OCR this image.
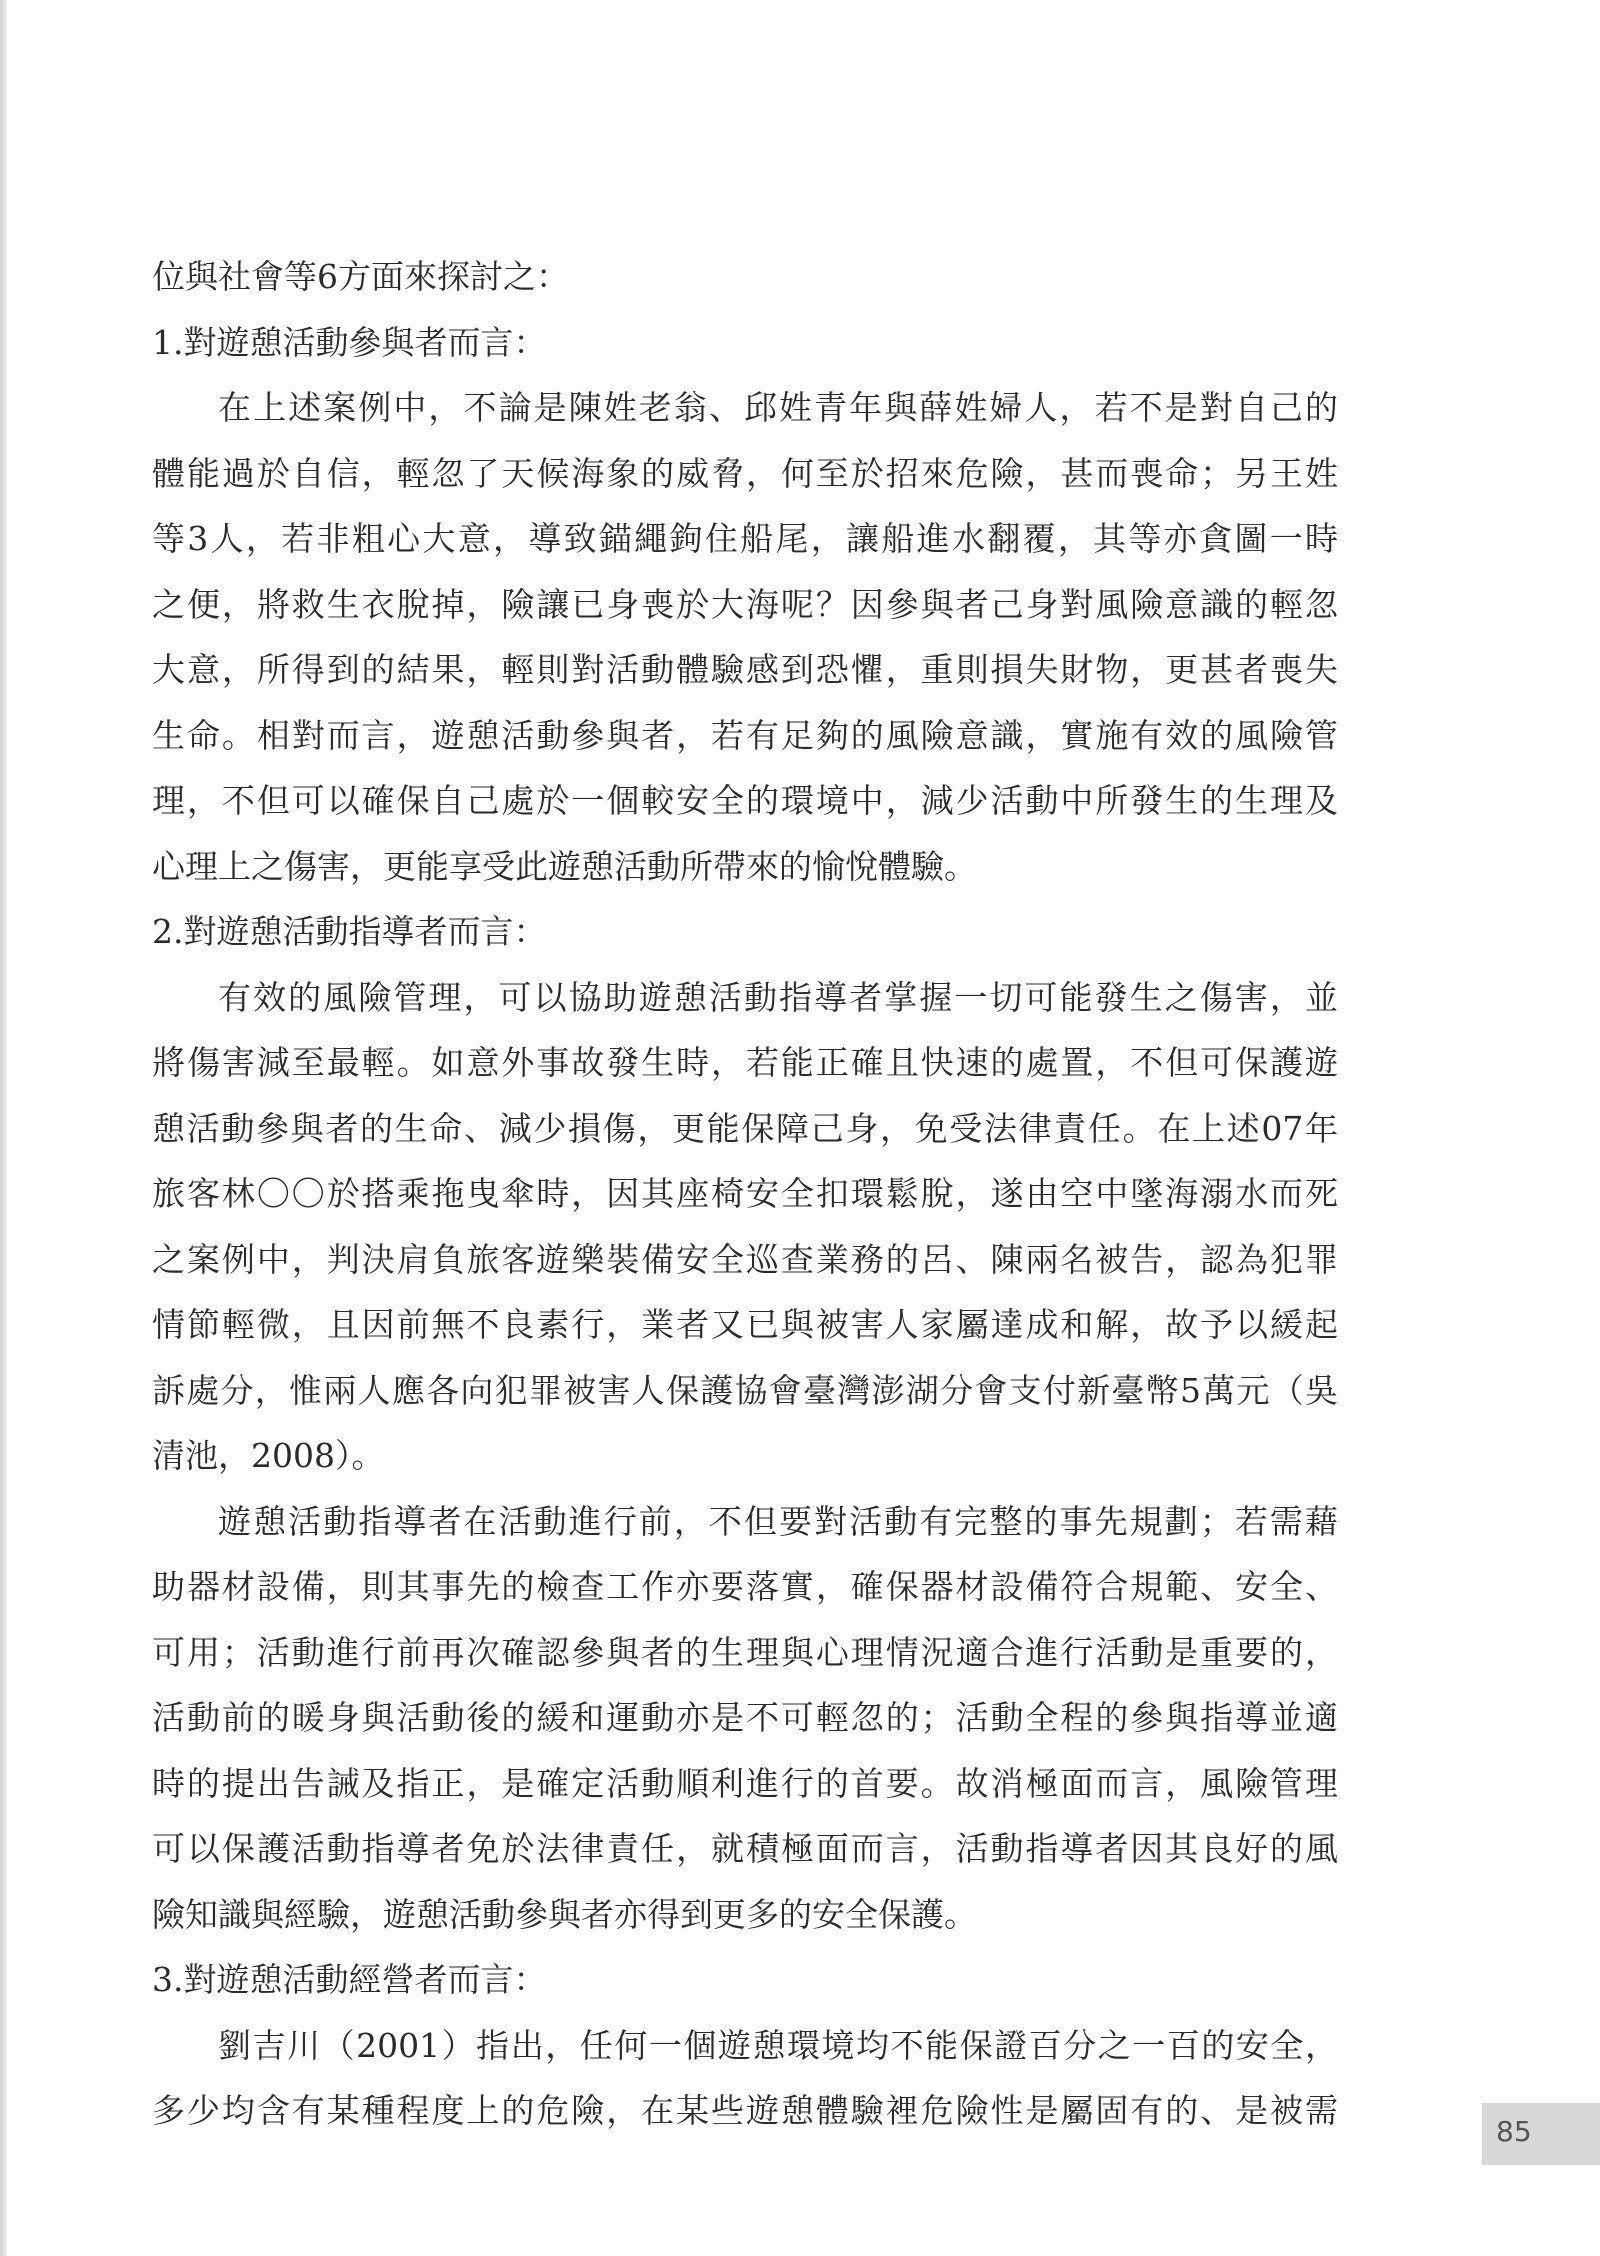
位與社會等6方面來探討之：
1.對遊憩活動參與者而言：
在上述案例中，不論是陳姓老翁、邱姓青年與薛姓婦人，若不是對自己的
體能過於自信，輕忽了天候海象的威脅，何至於招來危險，甚而喪命；另王姓
等3人，若非粗心大意，導致錨繩鉤住船尾，讓船進水翻覆，其等亦貪圖一時
之便，將救生衣脫掉，險讓已身喪於大海呢？因參與者己身對風險意識的輕忽
大意，所得到的結果，輕則對活動體驗感到恐懼，重則損失財物，更甚者喪失
生命。相對而言，遊憩活動參與者，若有足夠的風險意識，實施有效的風險管
理，不但可以確保自己處於一個較安全的環境中，減少活動中所發生的生理及
心理上之傷害，更能享受此遊憩活動所帶來的愉悅體驗。
2.對遊憩活動指導者而言：
有效的風險管理，可以協助遊憩活動指導者掌握一切可能發生之傷害，並
將傷害減至最輕。如意外事故發生時，若能正確且快速的處置，不但可保護遊
憩活動參與者的生命、減少損傷，更能保障己身，免受法律責任。在上述07年
旅客林〇〇於搭乘拖曳傘時，因其座椅安全扣環鬆脫，遂由空中墜海溺水而死
之案例中，判決肩負旅客遊樂裝備安全巡查業務的呂、陳兩名被告，認為犯罪
情節輕微，且因前無不良素行，業者又已與被害人家屬達成和解，故予以緩起
訴處分，惟兩人應各向犯罪被害人保護協會臺灣澎湖分會支付新臺幣5萬元（吳
清池，2008）。
遊憩活動指導者在活動進行前，不但要對活動有完整的事先規劃；若需藉
助器材設備，則其事先的檢查工作亦要落實，確保器材設備符合規範、安全、
可用；活動進行前再次確認參與者的生理與心理情況適合進行活動是重要的，
活動前的暖身與活動後的緩和運動亦是不可輕忽的；活動全程的參與指導並適
時的提出告誡及指正，是確定活動順利進行的首要。故消極面而言，風險管理
可以保護活動指導者免於法律責任，就積極面而言，活動指導者因其良好的風
險知識與經驗，遊憩活動參與者亦得到更多的安全保護。
3.對遊憩活動經營者而言：
劉吉川（2001）指出，任何一個遊憩環境均不能保證百分之一百的安全，
多少均含有某種程度上的危險，在某些遊憩體驗裡危險性是屬固有的、是被需
85
